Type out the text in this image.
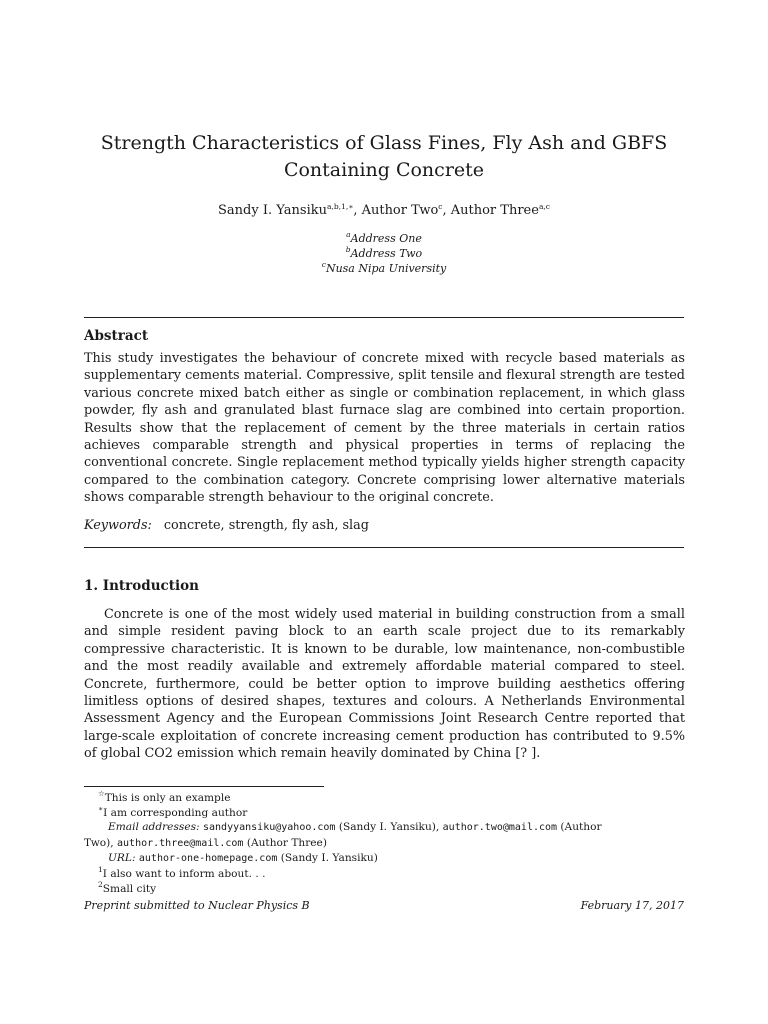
Strength Characteristics of Glass Fines, Fly Ash and GBFS
Containing Concrete
Sandy I. Yansiku$^{a,b,1,∗}$, Author Two$^c$, Author Three$^{a,c}$
$^a$Address One
$^b$Address Two
$^c$Nusa Nipa University
Abstract

This study investigates the behaviour of concrete mixed with recycle based materials as supplementary cements material. Compressive, split tensile and flexural strength are tested various concrete mixed batch either as single or combination replacement, in which glass powder, fly ash and granulated blast furnace slag are combined into certain proportion. Results show that the replacement of cement by the three materials in certain ratios achieves comparable strength and physical properties in terms of replacing the conventional concrete. Single replacement method typically yields higher strength capacity compared to the combination category. Concrete comprising lower alternative materials shows comparable strength behaviour to the original concrete.

Keywords: concrete, strength, fly ash, slag
1. Introduction

Concrete is one of the most widely used material in building construction from a small and simple resident paving block to an earth scale project due to its remarkably compressive characteristic. It is known to be durable, low maintenance, non-combustible and the most readily available and extremely affordable material compared to steel. Concrete, furthermore, could be better option to improve building aesthetics offering limitless options of desired shapes, textures and colours. A Netherlands Environmental Assessment Agency and the European Commissions Joint Research Centre reported that large-scale exploitation of concrete increasing cement production has contributed to 9.5% of global CO2 emission which remain heavily dominated by China [? ].

☆This is only an example
∗I am corresponding author
Email addresses: sandyyansiku@yahoo.com (Sandy I. Yansiku), author.two@mail.com (Author
Two), author.three@mail.com (Author Three)
URL: author-one-homepage.com (Sandy I. Yansiku)
$^1$I also want to inform about. . .
$^2$Small city
Preprint submitted to Nuclear Physics B	February 17, 2017
